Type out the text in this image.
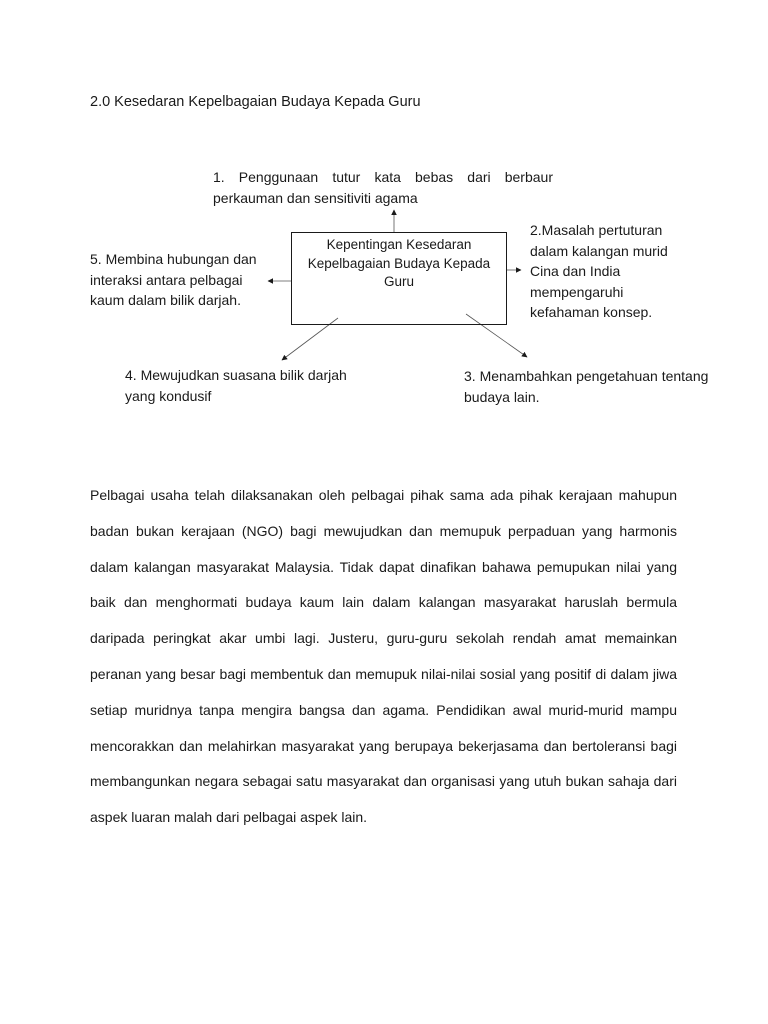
2.0 Kesedaran Kepelbagaian Budaya Kepada Guru
Kepentingan Kesedaran Kepelbagaian Budaya Kepada Guru
1. Penggunaan tutur kata bebas dari berbaur perkauman dan sensitiviti agama
2.Masalah pertuturan dalam kalangan murid Cina dan India mempengaruhi kefahaman konsep.
3. Menambahkan pengetahuan tentang budaya lain.
4. Mewujudkan suasana bilik darjah yang kondusif
5. Membina hubungan dan interaksi antara pelbagai kaum dalam bilik darjah.

Pelbagai usaha telah dilaksanakan oleh pelbagai pihak sama ada pihak kerajaan mahupun badan bukan kerajaan (NGO) bagi mewujudkan dan memupuk perpaduan yang harmonis dalam kalangan masyarakat Malaysia. Tidak dapat dinafikan bahawa pemupukan nilai yang baik dan menghormati budaya kaum lain dalam kalangan masyarakat haruslah bermula daripada peringkat akar umbi lagi. Justeru, guru-guru sekolah rendah amat memainkan peranan yang besar bagi membentuk dan memupuk nilai-nilai sosial yang positif di dalam jiwa setiap muridnya tanpa mengira bangsa dan agama. Pendidikan awal murid-murid mampu mencorakkan dan melahirkan masyarakat yang berupaya bekerjasama dan bertoleransi bagi membangunkan negara sebagai satu masyarakat dan organisasi yang utuh bukan sahaja dari aspek luaran malah dari pelbagai aspek lain.
